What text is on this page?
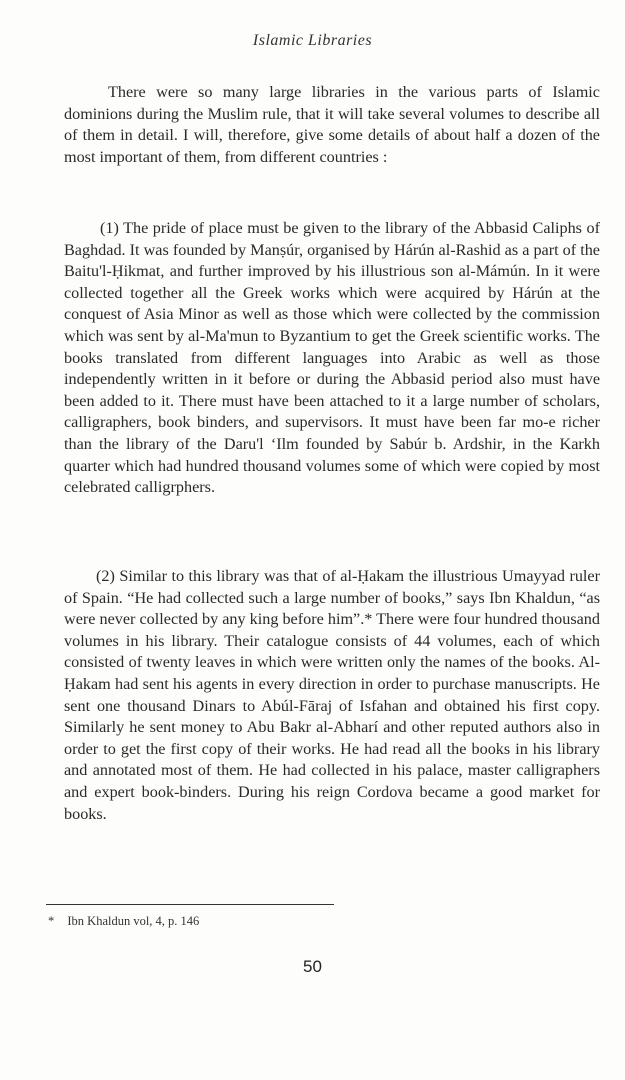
Islamic Libraries

There were so many large libraries in the various parts of Islamic dominions during the Muslim rule, that it will take several volumes to describe all of them in detail. I will, therefore, give some details of about half a dozen of the most important of them, from different countries :

(1) The pride of place must be given to the library of the Abbasid Caliphs of Baghdad. It was founded by Manṣúr, organised by Hárún al-Rashid as a part of the Baitu'l-Ḥikmat, and further improved by his illustrious son al-Mámún. In it were collected together all the Greek works which were acquired by Hárún at the conquest of Asia Minor as well as those which were collected by the commission which was sent by al-Ma'mun to Byzantium to get the Greek scientific works. The books translated from different languages into Arabic as well as those independently written in it before or during the Abbasid period also must have been added to it. There must have been attached to it a large number of scholars, calligraphers, book binders, and supervisors. It must have been far mo-e richer than the library of the Daru'l ‘Ilm founded by Sabúr b. Ardshir, in the Karkh quarter which had hundred thousand volumes some of which were copied by most celebrated calligrphers.

(2) Similar to this library was that of al-Ḥakam the illustrious Umayyad ruler of Spain. “He had collected such a large number of books,” says Ibn Khaldun, “as were never collected by any king before him”.* There were four hundred thousand volumes in his library. Their catalogue consists of 44 volumes, each of which consisted of twenty leaves in which were written only the names of the books. Al-Ḥakam had sent his agents in every direction in order to purchase manuscripts. He sent one thousand Dinars to Abúl-Fāraj of Isfahan and obtained his first copy. Similarly he sent money to Abu Bakr al-Abharí and other reputed authors also in order to get the first copy of their works. He had read all the books in his library and annotated most of them. He had collected in his palace, master calligraphers and expert book-binders. During his reign Cordova became a good market for books.

* Ibn Khaldun vol, 4, p. 146
50
